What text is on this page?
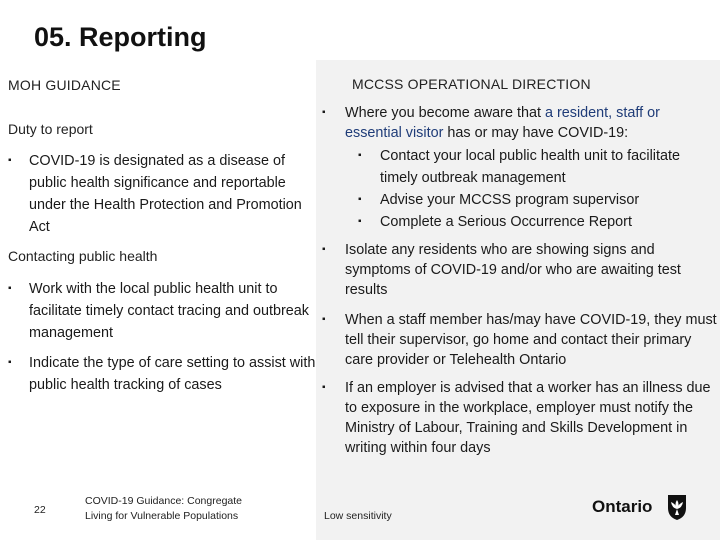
05. Reporting
MOH GUIDANCE	MCCSS OPERATIONAL DIRECTION
Duty to report
▪	COVID-19 is designated as a disease of public health significance and reportable under the Health Protection and Promotion Act
Contacting public health
▪	Work with the local public health unit to facilitate timely contact tracing and outbreak management
▪	Indicate the type of care setting to assist with public health tracking of cases
▪	Where you become aware that a resident, staff or essential visitor has or may have COVID-19:
▪	Contact your local public health unit to facilitate timely outbreak management
▪	Advise your MCCSS program supervisor
▪	Complete a Serious Occurrence Report
▪	Isolate any residents who are showing signs and symptoms of COVID-19 and/or who are awaiting test results
▪	When a staff member has/may have COVID-19, they must tell their supervisor, go home and contact their primary care provider or Telehealth Ontario
▪	If an employer is advised that a worker has an illness due to exposure in the workplace, employer must notify the Ministry of Labour, Training and Skills Development in writing within four days
22
COVID-19 Guidance: Congregate Living for Vulnerable Populations	Low sensitivity	Ontario
